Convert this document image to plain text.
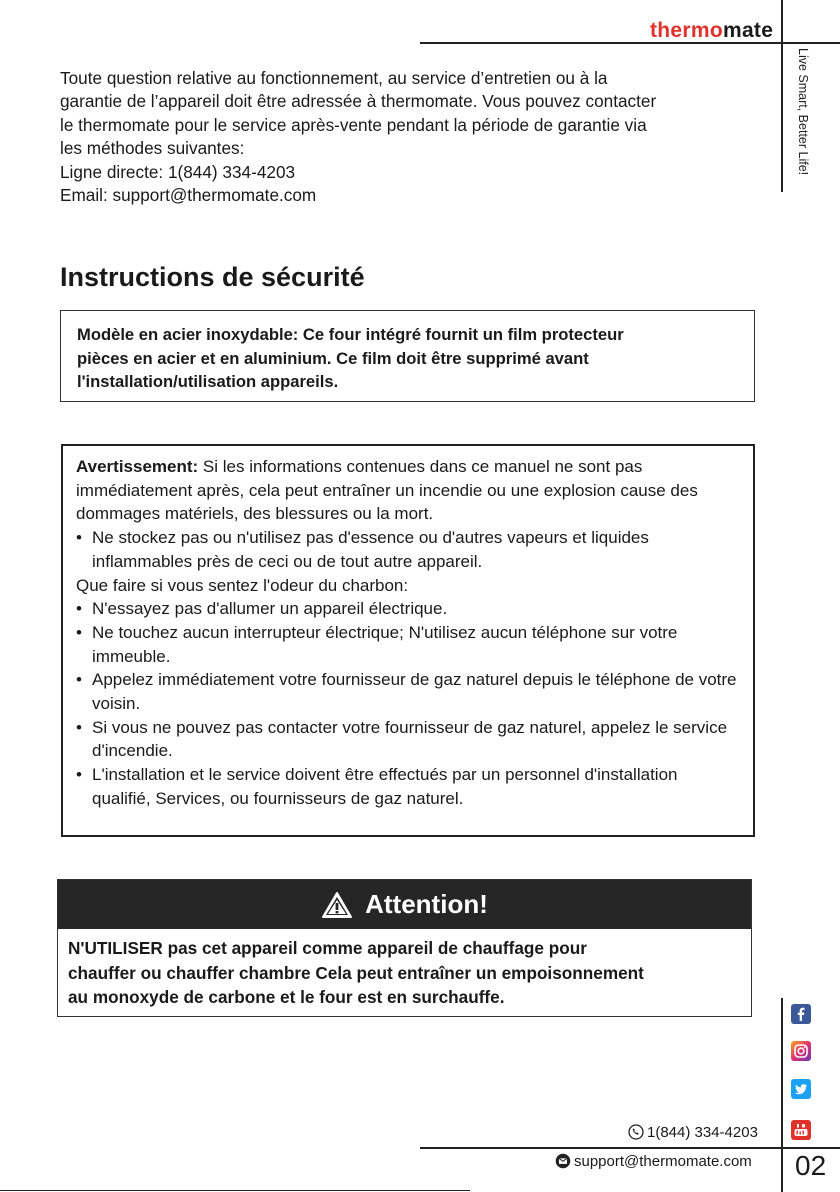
thermomate
Live Smart, Better Life!

Toute question relative au fonctionnement, au service d’entretien ou à la

garantie de l’appareil doit être adressée à thermomate. Vous pouvez contacter

le thermomate pour le service après-vente pendant la période de garantie via

les méthodes suivantes:

Ligne directe: 1(844) 334-4203

Email: support@thermomate.com

Instructions de sécurité
Modèle en acier inoxydable: Ce four intégré fournit un film protecteur
pièces en acier et en aluminium. Ce film doit être supprimé avant
l'installation/utilisation appareils.

Avertissement: Si les informations contenues dans ce manuel ne sont pas immédiatement après, cela peut entraîner un incendie ou une explosion cause des dommages matériels, des blessures ou la mort.

• Ne stockez pas ou n'utilisez pas d'essence ou d'autres vapeurs et liquides inflammables près de ceci ou de tout autre appareil.

Que faire si vous sentez l'odeur du charbon:

• N'essayez pas d'allumer un appareil électrique.

• Ne touchez aucun interrupteur électrique; N'utilisez aucun téléphone sur votre immeuble.

• Appelez immédiatement votre fournisseur de gaz naturel depuis le téléphone de votre voisin.

• Si vous ne pouvez pas contacter votre fournisseur de gaz naturel, appelez le service d'incendie.

• L'installation et le service doivent être effectués par un personnel d'installation qualifié, Services, ou fournisseurs de gaz naturel.

Attention!
N'UTILISER pas cet appareil comme appareil de chauffage pour
chauffer ou chauffer chambre Cela peut entraîner un empoisonnement
au monoxyde de carbone et le four est en surchauffe.
1(844) 334-4203
support@thermomate.com 02
